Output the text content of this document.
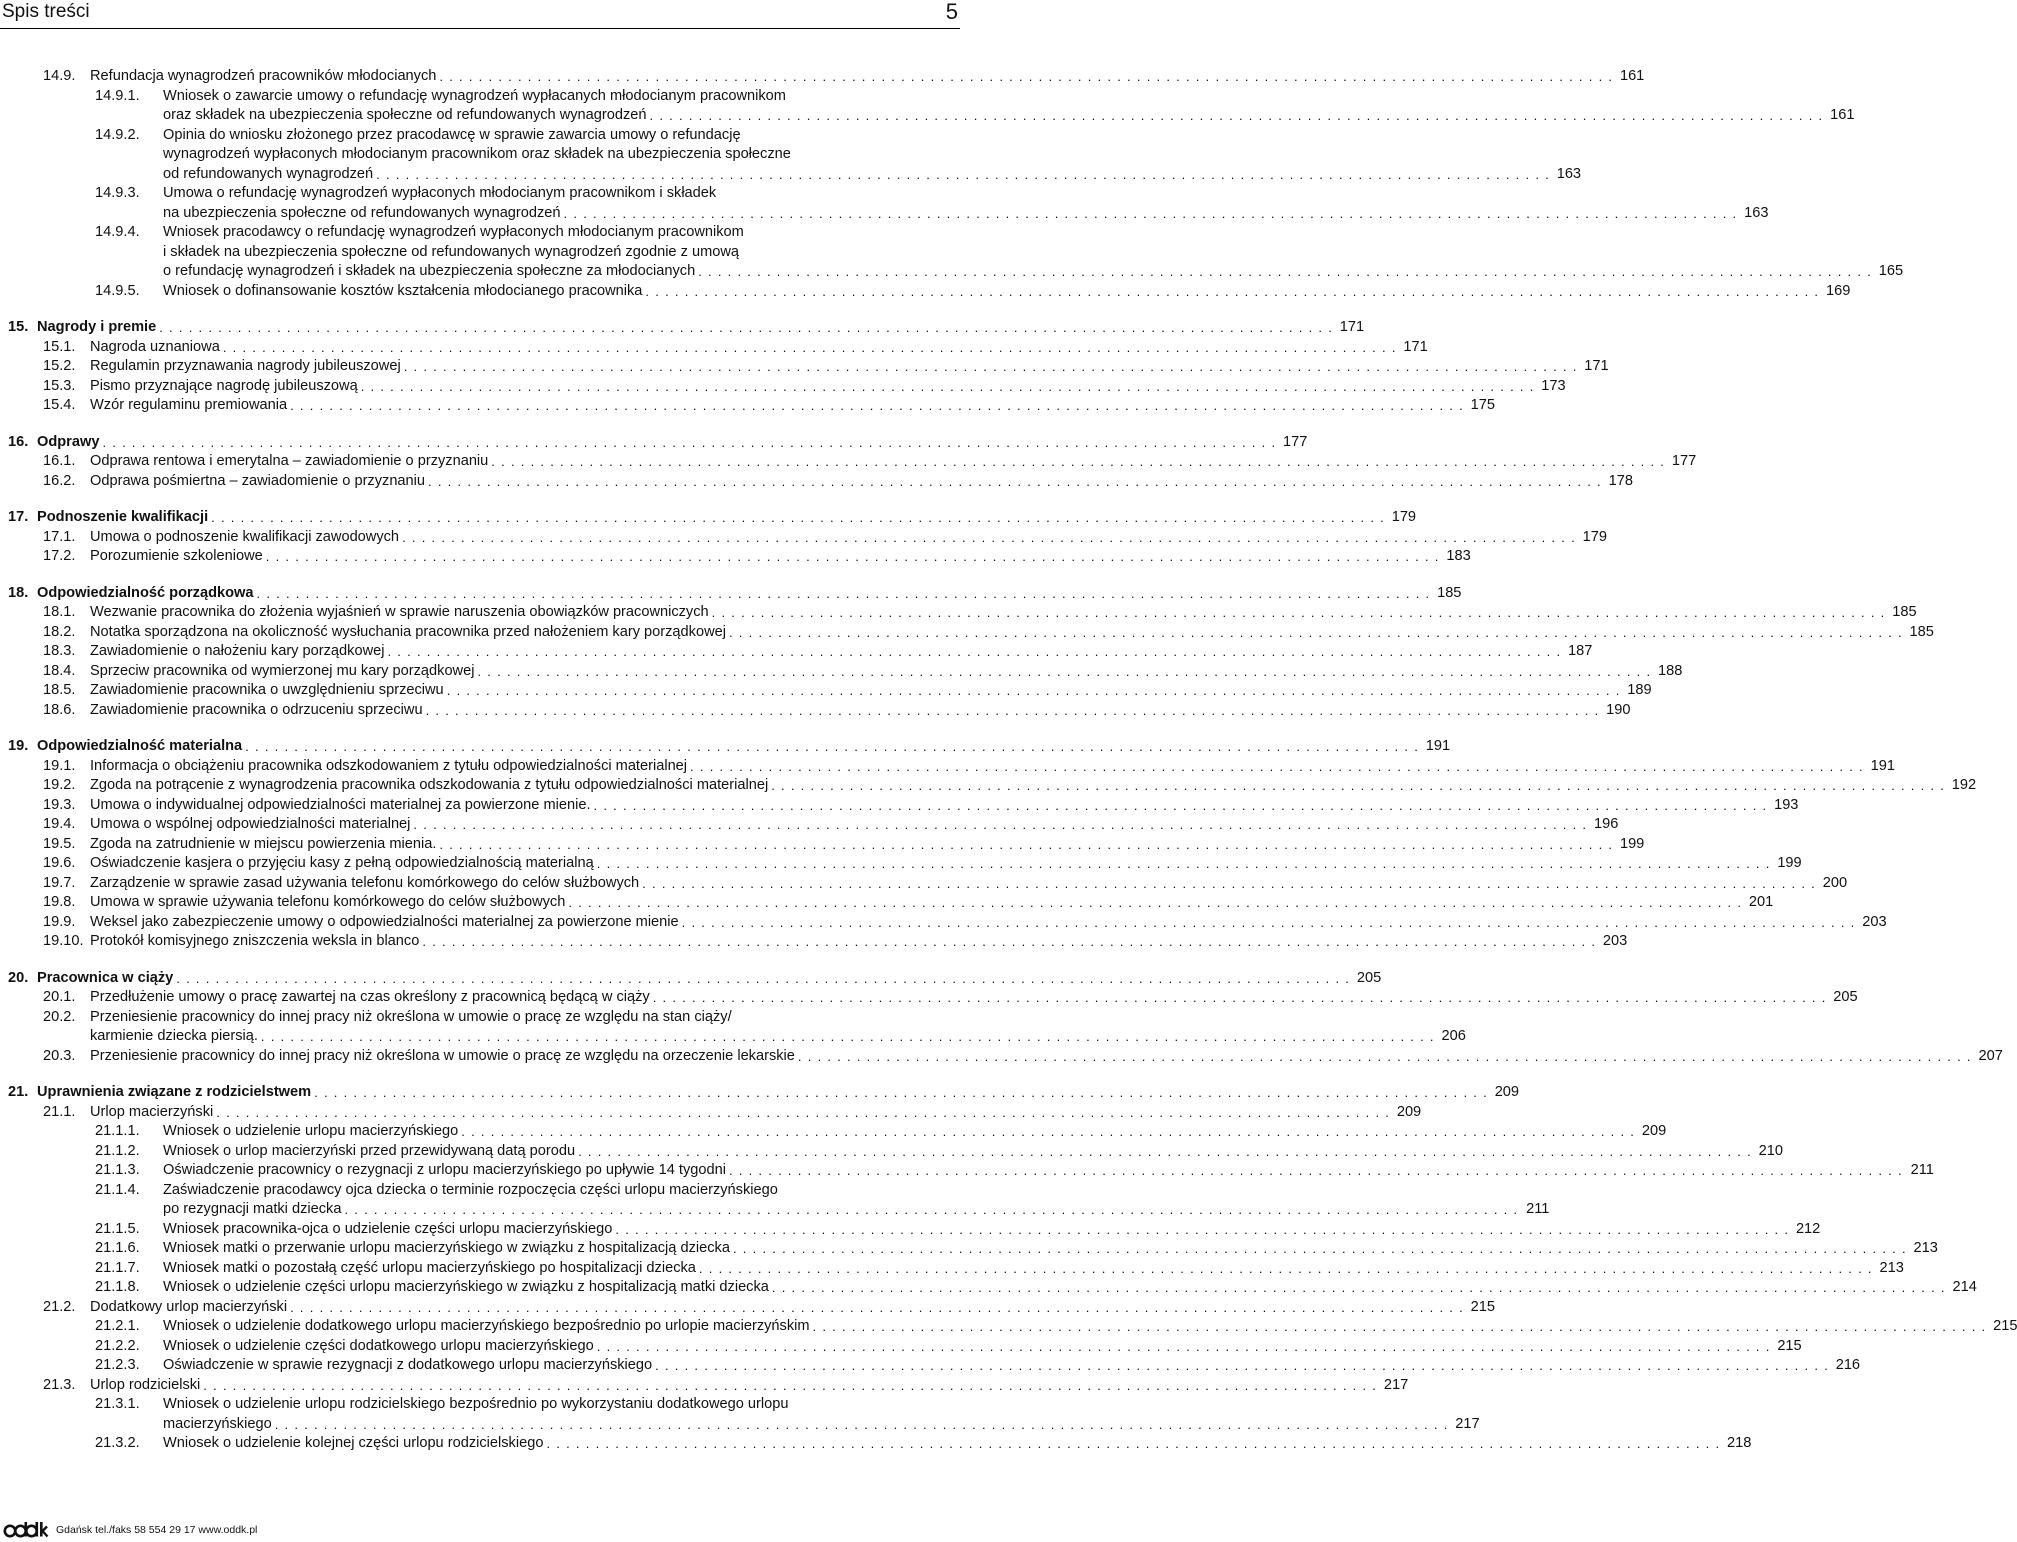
Spis treści	5
14.9. Refundacja wynagrodzeń pracowników młodocianych . . . . . . . . . . . . . . . . . . . . . . . . . . . . . . . . . . . . . . . . . . . . . . . . . . . . . . . . . . . . . . . . . . . . . . . . . . . . . . . . . . . . . . . . . . . . . . . . . . . . . . . . . . . . . . . . . . . . . . . . 161
14.9.1. Wniosek o zawarcie umowy o refundację wynagrodzeń wypłacanych młodocianym pracownikom
oraz składek na ubezpieczenia społeczne od refundowanych wynagrodzeń . . . . . . . . . . . . . . . . . . . . . . . . . . . . . . . . . . . . . . . . . . . . . . . . . . . . . . . . . . . . . . . . . . . . . . . . . . . . . . . . . . . . . . . . . . . . . . . . . . . . . . . . . . . . . . . . . . . . . . . . 161
14.9.2. Opinia do wniosku złożonego przez pracodawcę w sprawie zawarcia umowy o refundację
wynagrodzeń wypłaconych młodocianym pracownikom oraz składek na ubezpieczenia społeczne
od refundowanych wynagrodzeń . . . . . . . . . . . . . . . . . . . . . . . . . . . . . . . . . . . . . . . . . . . . . . . . . . . . . . . . . . . . . . . . . . . . . . . . . . . . . . . . . . . . . . . . . . . . . . . . . . . . . . . . . . . . . . . . . . . . . . . . 163
14.9.3. Umowa o refundację wynagrodzeń wypłaconych młodocianym pracownikom i składek
na ubezpieczenia społeczne od refundowanych wynagrodzeń . . . . . . . . . . . . . . . . . . . . . . . . . . . . . . . . . . . . . . . . . . . . . . . . . . . . . . . . . . . . . . . . . . . . . . . . . . . . . . . . . . . . . . . . . . . . . . . . . . . . . . . . . . . . . . . . . . . . . . . . 163
14.9.4. Wniosek pracodawcy o refundację wynagrodzeń wypłaconych młodocianym pracownikom
i składek na ubezpieczenia społeczne od refundowanych wynagrodzeń zgodnie z umową
o refundację wynagrodzeń i składek na ubezpieczenia społeczne za młodocianych . . . . . . . . . . . . . . . . . . . . . . . . . . . . . . . . . . . . . . . . . . . . . . . . . . . . . . . . . . . . . . . . . . . . . . . . . . . . . . . . . . . . . . . . . . . . . . . . . . . . . . . . . . . . . . . . . . . . . . . . 165
14.9.5. Wniosek o dofinansowanie kosztów kształcenia młodocianego pracownika . . . . . . . . . . . . . . . . . . . . . . . . . . . . . . . . . . . . . . . . . . . . . . . . . . . . . . . . . . . . . . . . . . . . . . . . . . . . . . . . . . . . . . . . . . . . . . . . . . . . . . . . . . . . . . . . . . . . . . . . 169
15. Nagrody i premie . . . . . . . . . . . . . . . . . . . . . . . . . . . . . . . . . . . . . . . . . . . . . . . . . . . . . . . . . . . . . . . . . . . . . . . . . . . . . . . . . . . . . . . . . . . . . . . . . . . . . . . . . . . . . . . . . . . . . . . . 171
15.1. Nagroda uznaniowa . . . . . . . . . . . . . . . . . . . . . . . . . . . . . . . . . . . . . . . . . . . . . . . . . . . . . . . . . . . . . . . . . . . . . . . . . . . . . . . . . . . . . . . . . . . . . . . . . . . . . . . . . . . . . . . . . . . . . . . . 171
15.2. Regulamin przyznawania nagrody jubileuszowej . . . . . . . . . . . . . . . . . . . . . . . . . . . . . . . . . . . . . . . . . . . . . . . . . . . . . . . . . . . . . . . . . . . . . . . . . . . . . . . . . . . . . . . . . . . . . . . . . . . . . . . . . . . . . . . . . . . . . . . . 171
15.3. Pismo przyznające nagrodę jubileuszową . . . . . . . . . . . . . . . . . . . . . . . . . . . . . . . . . . . . . . . . . . . . . . . . . . . . . . . . . . . . . . . . . . . . . . . . . . . . . . . . . . . . . . . . . . . . . . . . . . . . . . . . . . . . . . . . . . . . . . . . 173
15.4. Wzór regulaminu premiowania . . . . . . . . . . . . . . . . . . . . . . . . . . . . . . . . . . . . . . . . . . . . . . . . . . . . . . . . . . . . . . . . . . . . . . . . . . . . . . . . . . . . . . . . . . . . . . . . . . . . . . . . . . . . . . . . . . . . . . . . 175
16. Odprawy . . . . . . . . . . . . . . . . . . . . . . . . . . . . . . . . . . . . . . . . . . . . . . . . . . . . . . . . . . . . . . . . . . . . . . . . . . . . . . . . . . . . . . . . . . . . . . . . . . . . . . . . . . . . . . . . . . . . . . . . 177
16.1. Odprawa rentowa i emerytalna – zawiadomienie o przyznaniu . . . . . . . . . . . . . . . . . . . . . . . . . . . . . . . . . . . . . . . . . . . . . . . . . . . . . . . . . . . . . . . . . . . . . . . . . . . . . . . . . . . . . . . . . . . . . . . . . . . . . . . . . . . . . . . . . . . . . . . . 177
16.2. Odprawa pośmiertna – zawiadomienie o przyznaniu . . . . . . . . . . . . . . . . . . . . . . . . . . . . . . . . . . . . . . . . . . . . . . . . . . . . . . . . . . . . . . . . . . . . . . . . . . . . . . . . . . . . . . . . . . . . . . . . . . . . . . . . . . . . . . . . . . . . . . . . 178
17. Podnoszenie kwalifikacji . . . . . . . . . . . . . . . . . . . . . . . . . . . . . . . . . . . . . . . . . . . . . . . . . . . . . . . . . . . . . . . . . . . . . . . . . . . . . . . . . . . . . . . . . . . . . . . . . . . . . . . . . . . . . . . . . . . . . . . . 179
17.1. Umowa o podnoszenie kwalifikacji zawodowych . . . . . . . . . . . . . . . . . . . . . . . . . . . . . . . . . . . . . . . . . . . . . . . . . . . . . . . . . . . . . . . . . . . . . . . . . . . . . . . . . . . . . . . . . . . . . . . . . . . . . . . . . . . . . . . . . . . . . . . . 179
17.2. Porozumienie szkoleniowe . . . . . . . . . . . . . . . . . . . . . . . . . . . . . . . . . . . . . . . . . . . . . . . . . . . . . . . . . . . . . . . . . . . . . . . . . . . . . . . . . . . . . . . . . . . . . . . . . . . . . . . . . . . . . . . . . . . . . . . . 183
18. Odpowiedzialność porządkowa . . . . . . . . . . . . . . . . . . . . . . . . . . . . . . . . . . . . . . . . . . . . . . . . . . . . . . . . . . . . . . . . . . . . . . . . . . . . . . . . . . . . . . . . . . . . . . . . . . . . . . . . . . . . . . . . . . . . . . . . 185
18.1. Wezwanie pracownika do złożenia wyjaśnień w sprawie naruszenia obowiązków pracowniczych . . . . . . . . . . . . . . . . . . . . . . . . . . . . . . . . . . . . . . . . . . . . . . . . . . . . . . . . . . . . . . . . . . . . . . . . . . . . . . . . . . . . . . . . . . . . . . . . . . . . . . . . . . . . . . . . . . . . . . . . 185
18.2. Notatka sporządzona na okoliczność wysłuchania pracownika przed nałożeniem kary porządkowej . . . . . . . . . . . . . . . . . . . . . . . . . . . . . . . . . . . . . . . . . . . . . . . . . . . . . . . . . . . . . . . . . . . . . . . . . . . . . . . . . . . . . . . . . . . . . . . . . . . . . . . . . . . . . . . . . . . . . . . . 185
18.3. Zawiadomienie o nałożeniu kary porządkowej . . . . . . . . . . . . . . . . . . . . . . . . . . . . . . . . . . . . . . . . . . . . . . . . . . . . . . . . . . . . . . . . . . . . . . . . . . . . . . . . . . . . . . . . . . . . . . . . . . . . . . . . . . . . . . . . . . . . . . . . 187
18.4. Sprzeciw pracownika od wymierzonej mu kary porządkowej . . . . . . . . . . . . . . . . . . . . . . . . . . . . . . . . . . . . . . . . . . . . . . . . . . . . . . . . . . . . . . . . . . . . . . . . . . . . . . . . . . . . . . . . . . . . . . . . . . . . . . . . . . . . . . . . . . . . . . . . 188
18.5. Zawiadomienie pracownika o uwzględnieniu sprzeciwu . . . . . . . . . . . . . . . . . . . . . . . . . . . . . . . . . . . . . . . . . . . . . . . . . . . . . . . . . . . . . . . . . . . . . . . . . . . . . . . . . . . . . . . . . . . . . . . . . . . . . . . . . . . . . . . . . . . . . . . . 189
18.6. Zawiadomienie pracownika o odrzuceniu sprzeciwu . . . . . . . . . . . . . . . . . . . . . . . . . . . . . . . . . . . . . . . . . . . . . . . . . . . . . . . . . . . . . . . . . . . . . . . . . . . . . . . . . . . . . . . . . . . . . . . . . . . . . . . . . . . . . . . . . . . . . . . . 190
19. Odpowiedzialność materialna . . . . . . . . . . . . . . . . . . . . . . . . . . . . . . . . . . . . . . . . . . . . . . . . . . . . . . . . . . . . . . . . . . . . . . . . . . . . . . . . . . . . . . . . . . . . . . . . . . . . . . . . . . . . . . . . . . . . . . . . 191
19.1. Informacja o obciążeniu pracownika odszkodowaniem z tytułu odpowiedzialności materialnej . . . . . . . . . . . . . . . . . . . . . . . . . . . . . . . . . . . . . . . . . . . . . . . . . . . . . . . . . . . . . . . . . . . . . . . . . . . . . . . . . . . . . . . . . . . . . . . . . . . . . . . . . . . . . . . . . . . . . . . . 191
19.2. Zgoda na potrącenie z wynagrodzenia pracownika odszkodowania z tytułu odpowiedzialności materialnej . . . . . . . . . . . . . . . . . . . . . . . . . . . . . . . . . . . . . . . . . . . . . . . . . . . . . . . . . . . . . . . . . . . . . . . . . . . . . . . . . . . . . . . . . . . . . . . . . . . . . . . . . . . . . . . . . . . . . . . . 192
19.3. Umowa o indywidualnej odpowiedzialności materialnej za powierzone mienie. . . . . . . . . . . . . . . . . . . . . . . . . . . . . . . . . . . . . . . . . . . . . . . . . . . . . . . . . . . . . . . . . . . . . . . . . . . . . . . . . . . . . . . . . . . . . . . . . . . . . . . . . . . . . . . . . . . . . . . . . 193
19.4. Umowa o wspólnej odpowiedzialności materialnej . . . . . . . . . . . . . . . . . . . . . . . . . . . . . . . . . . . . . . . . . . . . . . . . . . . . . . . . . . . . . . . . . . . . . . . . . . . . . . . . . . . . . . . . . . . . . . . . . . . . . . . . . . . . . . . . . . . . . . . . 196
19.5. Zgoda na zatrudnienie w miejscu powierzenia mienia. . . . . . . . . . . . . . . . . . . . . . . . . . . . . . . . . . . . . . . . . . . . . . . . . . . . . . . . . . . . . . . . . . . . . . . . . . . . . . . . . . . . . . . . . . . . . . . . . . . . . . . . . . . . . . . . . . . . . . . . . 199
19.6. Oświadczenie kasjera o przyjęciu kasy z pełną odpowiedzialnością materialną . . . . . . . . . . . . . . . . . . . . . . . . . . . . . . . . . . . . . . . . . . . . . . . . . . . . . . . . . . . . . . . . . . . . . . . . . . . . . . . . . . . . . . . . . . . . . . . . . . . . . . . . . . . . . . . . . . . . . . . . 199
19.7. Zarządzenie w sprawie zasad używania telefonu komórkowego do celów służbowych . . . . . . . . . . . . . . . . . . . . . . . . . . . . . . . . . . . . . . . . . . . . . . . . . . . . . . . . . . . . . . . . . . . . . . . . . . . . . . . . . . . . . . . . . . . . . . . . . . . . . . . . . . . . . . . . . . . . . . . . 200
19.8. Umowa w sprawie używania telefonu komórkowego do celów służbowych . . . . . . . . . . . . . . . . . . . . . . . . . . . . . . . . . . . . . . . . . . . . . . . . . . . . . . . . . . . . . . . . . . . . . . . . . . . . . . . . . . . . . . . . . . . . . . . . . . . . . . . . . . . . . . . . . . . . . . . . 201
19.9. Weksel jako zabezpieczenie umowy o odpowiedzialności materialnej za powierzone mienie . . . . . . . . . . . . . . . . . . . . . . . . . . . . . . . . . . . . . . . . . . . . . . . . . . . . . . . . . . . . . . . . . . . . . . . . . . . . . . . . . . . . . . . . . . . . . . . . . . . . . . . . . . . . . . . . . . . . . . . . 203
19.10. Protokół komisyjnego zniszczenia weksla in blanco . . . . . . . . . . . . . . . . . . . . . . . . . . . . . . . . . . . . . . . . . . . . . . . . . . . . . . . . . . . . . . . . . . . . . . . . . . . . . . . . . . . . . . . . . . . . . . . . . . . . . . . . . . . . . . . . . . . . . . . . 203
20. Pracownica w ciąży . . . . . . . . . . . . . . . . . . . . . . . . . . . . . . . . . . . . . . . . . . . . . . . . . . . . . . . . . . . . . . . . . . . . . . . . . . . . . . . . . . . . . . . . . . . . . . . . . . . . . . . . . . . . . . . . . . . . . . . . 205
20.1. Przedłużenie umowy o pracę zawartej na czas określony z pracownicą będącą w ciąży . . . . . . . . . . . . . . . . . . . . . . . . . . . . . . . . . . . . . . . . . . . . . . . . . . . . . . . . . . . . . . . . . . . . . . . . . . . . . . . . . . . . . . . . . . . . . . . . . . . . . . . . . . . . . . . . . . . . . . . . 205
20.2. Przeniesienie pracownicy do innej pracy niż określona w umowie o pracę ze względu na stan ciąży/
karmienie dziecka piersią. . . . . . . . . . . . . . . . . . . . . . . . . . . . . . . . . . . . . . . . . . . . . . . . . . . . . . . . . . . . . . . . . . . . . . . . . . . . . . . . . . . . . . . . . . . . . . . . . . . . . . . . . . . . . . . . . . . . . . . . . 206
20.3. Przeniesienie pracownicy do innej pracy niż określona w umowie o pracę ze względu na orzeczenie lekarskie . . . . . . . . . . . . . . . . . . . . . . . . . . . . . . . . . . . . . . . . . . . . . . . . . . . . . . . . . . . . . . . . . . . . . . . . . . . . . . . . . . . . . . . . . . . . . . . . . . . . . . . . . . . . . . . . . . . . . . . . 207
21. Uprawnienia związane z rodzicielstwem . . . . . . . . . . . . . . . . . . . . . . . . . . . . . . . . . . . . . . . . . . . . . . . . . . . . . . . . . . . . . . . . . . . . . . . . . . . . . . . . . . . . . . . . . . . . . . . . . . . . . . . . . . . . . . . . . . . . . . . . 209
21.1. Urlop macierzyński . . . . . . . . . . . . . . . . . . . . . . . . . . . . . . . . . . . . . . . . . . . . . . . . . . . . . . . . . . . . . . . . . . . . . . . . . . . . . . . . . . . . . . . . . . . . . . . . . . . . . . . . . . . . . . . . . . . . . . . . 209
21.1.1. Wniosek o udzielenie urlopu macierzyńskiego . . . . . . . . . . . . . . . . . . . . . . . . . . . . . . . . . . . . . . . . . . . . . . . . . . . . . . . . . . . . . . . . . . . . . . . . . . . . . . . . . . . . . . . . . . . . . . . . . . . . . . . . . . . . . . . . . . . . . . . . 209
21.1.2. Wniosek o urlop macierzyński przed przewidywaną datą porodu . . . . . . . . . . . . . . . . . . . . . . . . . . . . . . . . . . . . . . . . . . . . . . . . . . . . . . . . . . . . . . . . . . . . . . . . . . . . . . . . . . . . . . . . . . . . . . . . . . . . . . . . . . . . . . . . . . . . . . . . 210
21.1.3. Oświadczenie pracownicy o rezygnacji z urlopu macierzyńskiego po upływie 14 tygodni . . . . . . . . . . . . . . . . . . . . . . . . . . . . . . . . . . . . . . . . . . . . . . . . . . . . . . . . . . . . . . . . . . . . . . . . . . . . . . . . . . . . . . . . . . . . . . . . . . . . . . . . . . . . . . . . . . . . . . . . 211
21.1.4. Zaświadczenie pracodawcy ojca dziecka o terminie rozpoczęcia części urlopu macierzyńskiego
po rezygnacji matki dziecka . . . . . . . . . . . . . . . . . . . . . . . . . . . . . . . . . . . . . . . . . . . . . . . . . . . . . . . . . . . . . . . . . . . . . . . . . . . . . . . . . . . . . . . . . . . . . . . . . . . . . . . . . . . . . . . . . . . . . . . . 211
21.1.5. Wniosek pracownika-ojca o udzielenie części urlopu macierzyńskiego . . . . . . . . . . . . . . . . . . . . . . . . . . . . . . . . . . . . . . . . . . . . . . . . . . . . . . . . . . . . . . . . . . . . . . . . . . . . . . . . . . . . . . . . . . . . . . . . . . . . . . . . . . . . . . . . . . . . . . . . 212
21.1.6. Wniosek matki o przerwanie urlopu macierzyńskiego w związku z hospitalizacją dziecka . . . . . . . . . . . . . . . . . . . . . . . . . . . . . . . . . . . . . . . . . . . . . . . . . . . . . . . . . . . . . . . . . . . . . . . . . . . . . . . . . . . . . . . . . . . . . . . . . . . . . . . . . . . . . . . . . . . . . . . . 213
21.1.7. Wniosek matki o pozostałą część urlopu macierzyńskiego po hospitalizacji dziecka . . . . . . . . . . . . . . . . . . . . . . . . . . . . . . . . . . . . . . . . . . . . . . . . . . . . . . . . . . . . . . . . . . . . . . . . . . . . . . . . . . . . . . . . . . . . . . . . . . . . . . . . . . . . . . . . . . . . . . . . 213
21.1.8. Wniosek o udzielenie części urlopu macierzyńskiego w związku z hospitalizacją matki dziecka . . . . . . . . . . . . . . . . . . . . . . . . . . . . . . . . . . . . . . . . . . . . . . . . . . . . . . . . . . . . . . . . . . . . . . . . . . . . . . . . . . . . . . . . . . . . . . . . . . . . . . . . . . . . . . . . . . . . . . . . 214
21.2. Dodatkowy urlop macierzyński . . . . . . . . . . . . . . . . . . . . . . . . . . . . . . . . . . . . . . . . . . . . . . . . . . . . . . . . . . . . . . . . . . . . . . . . . . . . . . . . . . . . . . . . . . . . . . . . . . . . . . . . . . . . . . . . . . . . . . . . 215
21.2.1. Wniosek o udzielenie dodatkowego urlopu macierzyńskiego bezpośrednio po urlopie macierzyńskim . . . . . . . . . . . . . . . . . . . . . . . . . . . . . . . . . . . . . . . . . . . . . . . . . . . . . . . . . . . . . . . . . . . . . . . . . . . . . . . . . . . . . . . . . . . . . . . . . . . . . . . . . . . . . . . . . . . . . . . . 215
21.2.2. Wniosek o udzielenie części dodatkowego urlopu macierzyńskiego . . . . . . . . . . . . . . . . . . . . . . . . . . . . . . . . . . . . . . . . . . . . . . . . . . . . . . . . . . . . . . . . . . . . . . . . . . . . . . . . . . . . . . . . . . . . . . . . . . . . . . . . . . . . . . . . . . . . . . . . 215
21.2.3. Oświadczenie w sprawie rezygnacji z dodatkowego urlopu macierzyńskiego . . . . . . . . . . . . . . . . . . . . . . . . . . . . . . . . . . . . . . . . . . . . . . . . . . . . . . . . . . . . . . . . . . . . . . . . . . . . . . . . . . . . . . . . . . . . . . . . . . . . . . . . . . . . . . . . . . . . . . . . 216
21.3. Urlop rodzicielski . . . . . . . . . . . . . . . . . . . . . . . . . . . . . . . . . . . . . . . . . . . . . . . . . . . . . . . . . . . . . . . . . . . . . . . . . . . . . . . . . . . . . . . . . . . . . . . . . . . . . . . . . . . . . . . . . . . . . . . . 217
21.3.1. Wniosek o udzielenie urlopu rodzicielskiego bezpośrednio po wykorzystaniu dodatkowego urlopu
macierzyńskiego . . . . . . . . . . . . . . . . . . . . . . . . . . . . . . . . . . . . . . . . . . . . . . . . . . . . . . . . . . . . . . . . . . . . . . . . . . . . . . . . . . . . . . . . . . . . . . . . . . . . . . . . . . . . . . . . . . . . . . . . 217
21.3.2. Wniosek o udzielenie kolejnej części urlopu rodzicielskiego . . . . . . . . . . . . . . . . . . . . . . . . . . . . . . . . . . . . . . . . . . . . . . . . . . . . . . . . . . . . . . . . . . . . . . . . . . . . . . . . . . . . . . . . . . . . . . . . . . . . . . . . . . . . . . . . . . . . . . . . 218
Gdańsk tel./faks 58 554 29 17 www.oddk.pl
